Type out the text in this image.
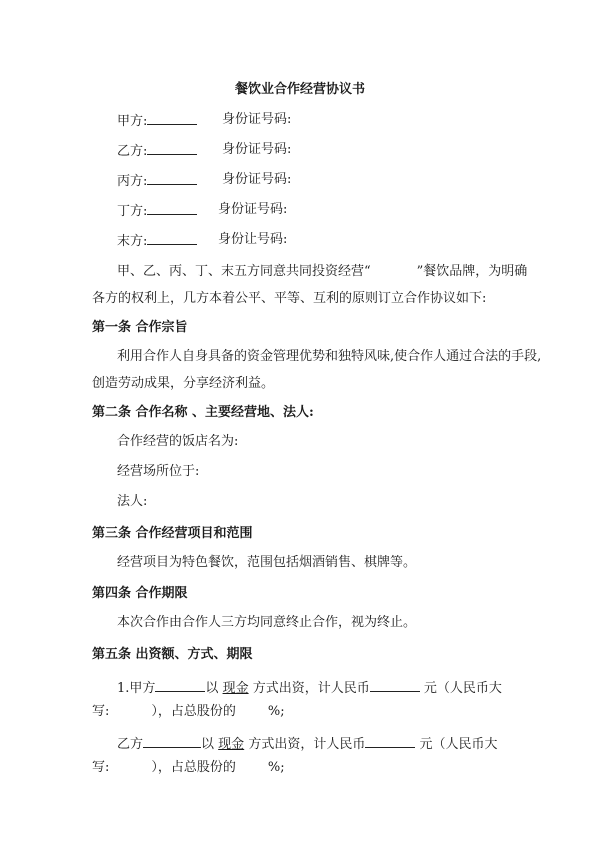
餐饮业合作经营协议书
甲方:	身份证号码:
乙方:	身份证号码:
丙方:	身份证号码:
丁方:	身份证号码:
末方:	身份让号码:
甲、乙、丙、丁、末五方同意共同投资经营“	”餐饮品牌，为明确
各方的权利上，几方本着公平、平等、互利的原则订立合作协议如下:
第一条 合作宗旨
利用合作人自身具备的资金管理优势和独特风味,使合作人通过合法的手段,
创造劳动成果，分享经济利益。
第二条 合作名称 、主要经营地、法人:
合作经营的饭店名为:
经营场所位于:
法人:
第三条 合作经营项目和范围
经营项目为特色餐饮，范围包括烟酒销售、棋牌等。
第四条 合作期限
本次合作由合作人三方均同意终止合作，视为终止。
第五条 出资额、方式、期限
1.甲方	以 现金 方式出资，计人民币	元（人民币大
写:	），占总股份的 %;
乙方	以 现金 方式出资，计人民币	元（人民币大
写:	），占总股份的 %;
